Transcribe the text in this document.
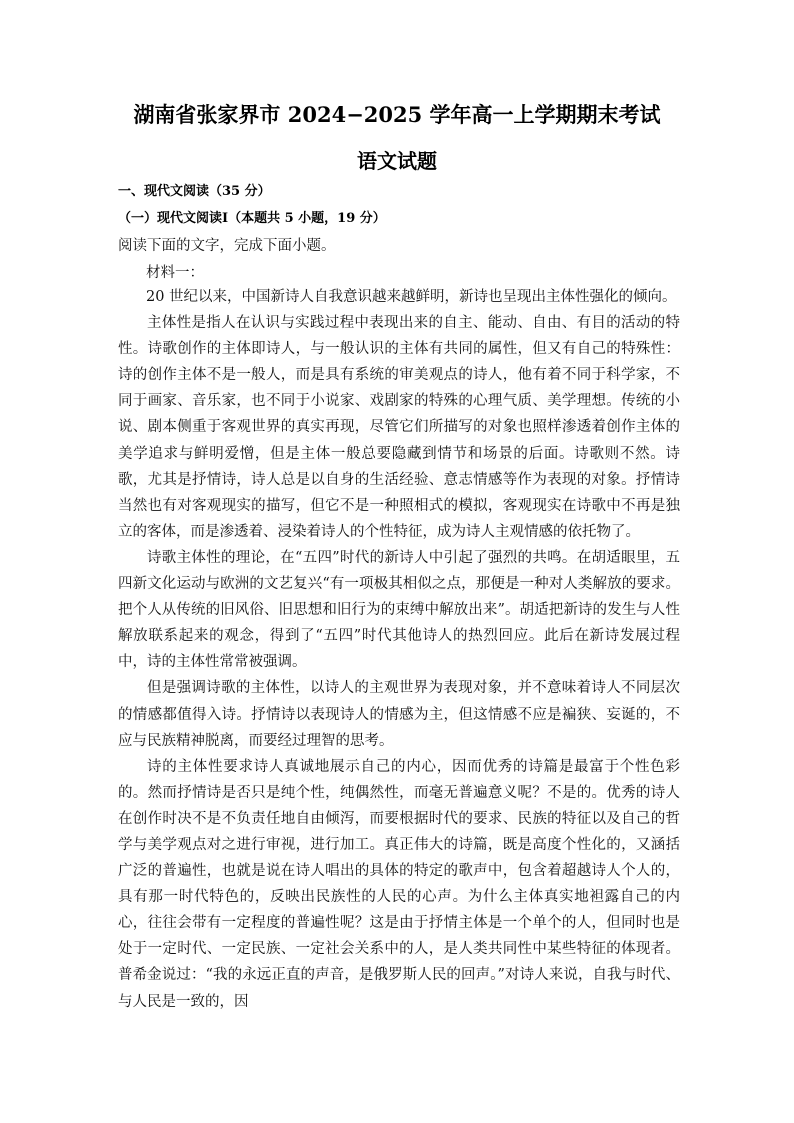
湖南省张家界市 2024−2025 学年高一上学期期末考试
语文试题
一、现代文阅读（35 分）
（一）现代文阅读Ⅰ（本题共 5 小题，19 分）
阅读下面的文字，完成下面小题。
材料一：

20 世纪以来，中国新诗人自我意识越来越鲜明，新诗也呈现出主体性强化的倾向。

主体性是指人在认识与实践过程中表现出来的自主、能动、自由、有目的活动的特性。诗歌创作的主体即诗人，与一般认识的主体有共同的属性，但又有自己的特殊性：诗的创作主体不是一般人，而是具有系统的审美观点的诗人，他有着不同于科学家，不同于画家、音乐家，也不同于小说家、戏剧家的特殊的心理气质、美学理想。传统的小说、剧本侧重于客观世界的真实再现，尽管它们所描写的对象也照样渗透着创作主体的美学追求与鲜明爱憎，但是主体一般总要隐藏到情节和场景的后面。诗歌则不然。诗歌，尤其是抒情诗，诗人总是以自身的生活经验、意志情感等作为表现的对象。抒情诗当然也有对客观现实的描写，但它不是一种照相式的模拟，客观现实在诗歌中不再是独立的客体，而是渗透着、浸染着诗人的个性特征，成为诗人主观情感的依托物了。

诗歌主体性的理论，在“五四”时代的新诗人中引起了强烈的共鸣。在胡适眼里，五四新文化运动与欧洲的文艺复兴“有一项极其相似之点，那便是一种对人类解放的要求。把个人从传统的旧风俗、旧思想和旧行为的束缚中解放出来”。胡适把新诗的发生与人性解放联系起来的观念，得到了“五四”时代其他诗人的热烈回应。此后在新诗发展过程中，诗的主体性常常被强调。

但是强调诗歌的主体性，以诗人的主观世界为表现对象，并不意味着诗人不同层次的情感都值得入诗。抒情诗以表现诗人的情感为主，但这情感不应是褊狭、妄诞的，不应与民族精神脱离，而要经过理智的思考。

诗的主体性要求诗人真诚地展示自己的内心，因而优秀的诗篇是最富于个性色彩的。然而抒情诗是否只是纯个性，纯偶然性，而毫无普遍意义呢？不是的。优秀的诗人在创作时决不是不负责任地自由倾泻，而要根据时代的要求、民族的特征以及自己的哲学与美学观点对之进行审视，进行加工。真正伟大的诗篇，既是高度个性化的，又涵括广泛的普遍性，也就是说在诗人唱出的具体的特定的歌声中，包含着超越诗人个人的，具有那一时代特色的，反映出民族性的人民的心声。为什么主体真实地袒露自己的内心，往往会带有一定程度的普遍性呢？这是由于抒情主体是一个单个的人，但同时也是处于一定时代、一定民族、一定社会关系中的人，是人类共同性中某些特征的体现者。普希金说过：“我的永远正直的声音，是俄罗斯人民的回声。”对诗人来说，自我与时代、与人民是一致的，因
